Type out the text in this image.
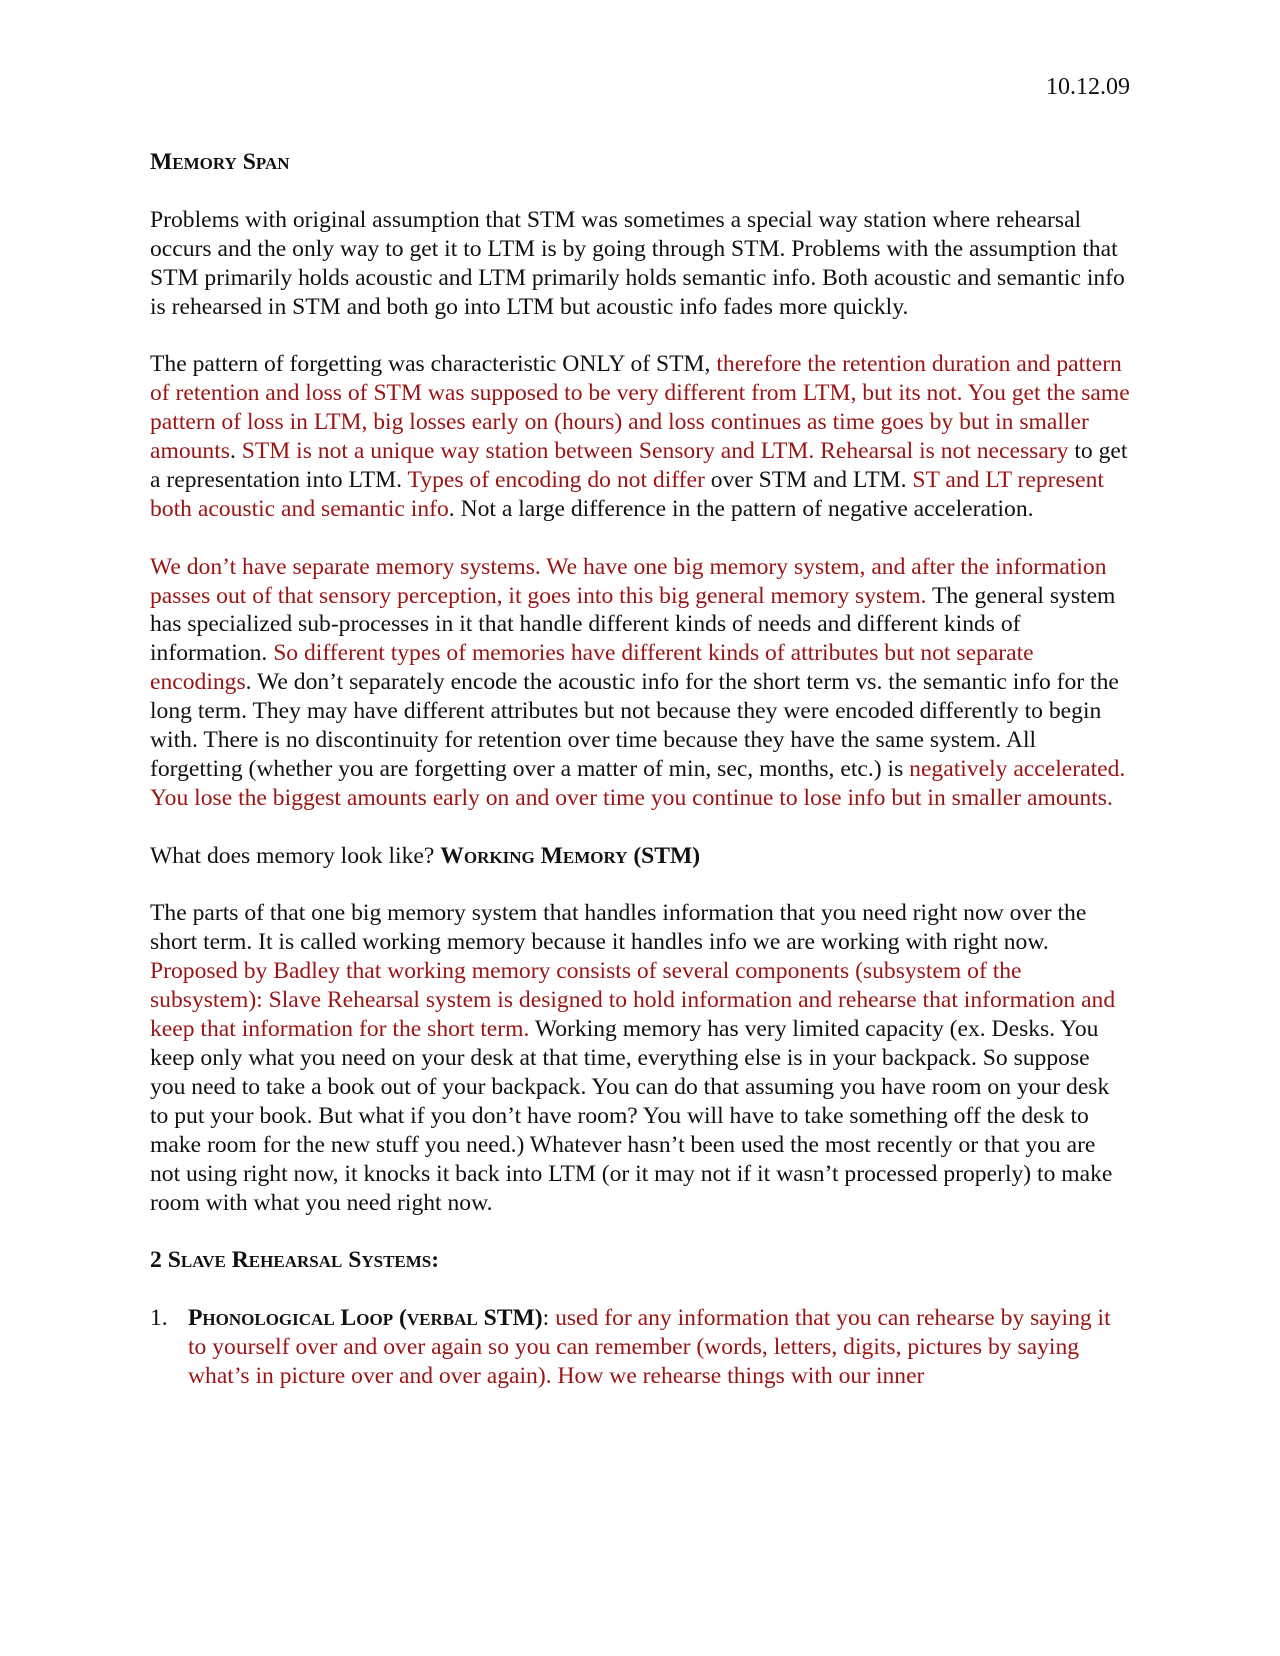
10.12.09
Memory Span

Problems with original assumption that STM was sometimes a special way station where rehearsal occurs and the only way to get it to LTM is by going through STM. Problems with the assumption that STM primarily holds acoustic and LTM primarily holds semantic info. Both acoustic and semantic info is rehearsed in STM and both go into LTM but acoustic info fades more quickly.

The pattern of forgetting was characteristic ONLY of STM, therefore the retention duration and pattern of retention and loss of STM was supposed to be very different from LTM, but its not. You get the same pattern of loss in LTM, big losses early on (hours) and loss continues as time goes by but in smaller amounts. STM is not a unique way station between Sensory and LTM. Rehearsal is not necessary to get a representation into LTM. Types of encoding do not differ over STM and LTM. ST and LT represent both acoustic and semantic info. Not a large difference in the pattern of negative acceleration.

We don’t have separate memory systems. We have one big memory system, and after the information passes out of that sensory perception, it goes into this big general memory system. The general system has specialized sub-processes in it that handle different kinds of needs and different kinds of information. So different types of memories have different kinds of attributes but not separate encodings. We don’t separately encode the acoustic info for the short term vs. the semantic info for the long term. They may have different attributes but not because they were encoded differently to begin with. There is no discontinuity for retention over time because they have the same system. All forgetting (whether you are forgetting over a matter of min, sec, months, etc.) is negatively accelerated. You lose the biggest amounts early on and over time you continue to lose info but in smaller amounts.

What does memory look like? Working Memory (STM)

The parts of that one big memory system that handles information that you need right now over the short term. It is called working memory because it handles info we are working with right now. Proposed by Badley that working memory consists of several components (subsystem of the subsystem): Slave Rehearsal system is designed to hold information and rehearse that information and keep that information for the short term. Working memory has very limited capacity (ex. Desks. You keep only what you need on your desk at that time, everything else is in your backpack. So suppose you need to take a book out of your backpack. You can do that assuming you have room on your desk to put your book. But what if you don’t have room? You will have to take something off the desk to make room for the new stuff you need.) Whatever hasn’t been used the most recently or that you are not using right now, it knocks it back into LTM (or it may not if it wasn’t processed properly) to make room with what you need right now.

2 Slave Rehearsal Systems:
1. Phonological Loop (verbal STM): used for any information that you can rehearse by saying it to yourself over and over again so you can remember (words, letters, digits, pictures by saying what’s in picture over and over again). How we rehearse things with our inner
